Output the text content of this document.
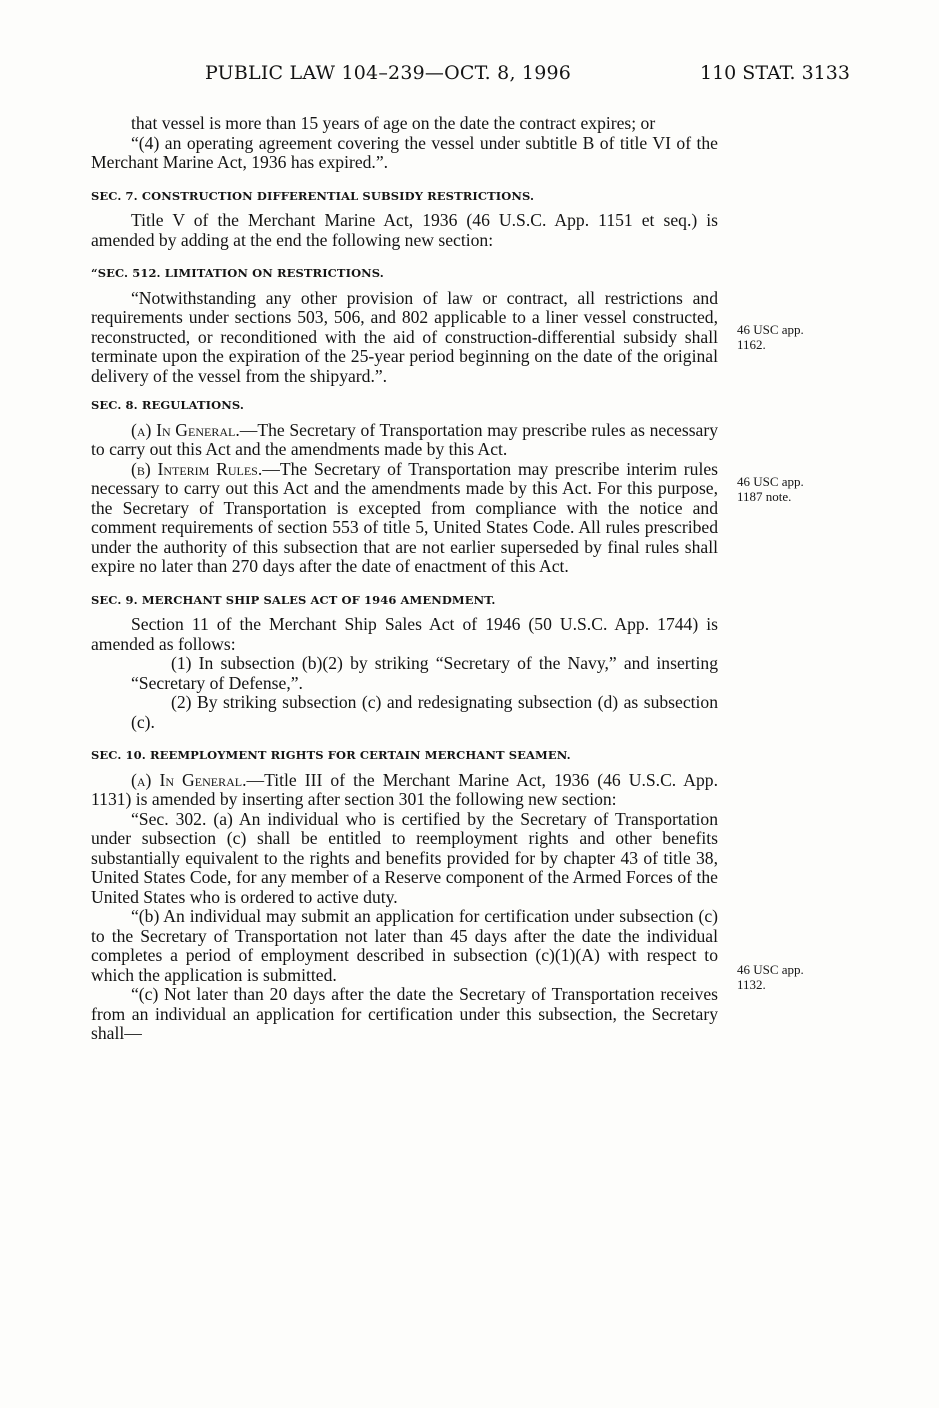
PUBLIC LAW 104–239—OCT. 8, 1996	110 STAT. 3133

that vessel is more than 15 years of age on the date the contract expires; or

“(4) an operating agreement covering the vessel under subtitle B of title VI of the Merchant Marine Act, 1936 has expired.”.

SEC. 7. CONSTRUCTION DIFFERENTIAL SUBSIDY RESTRICTIONS.

Title V of the Merchant Marine Act, 1936 (46 U.S.C. App. 1151 et seq.) is amended by adding at the end the following new section:

“SEC. 512. LIMITATION ON RESTRICTIONS.

“Notwithstanding any other provision of law or contract, all restrictions and requirements under sections 503, 506, and 802 applicable to a liner vessel constructed, reconstructed, or reconditioned with the aid of construction-differential subsidy shall terminate upon the expiration of the 25-year period beginning on the date of the original delivery of the vessel from the shipyard.”.

SEC. 8. REGULATIONS.

(a) In General.—The Secretary of Transportation may prescribe rules as necessary to carry out this Act and the amendments made by this Act.

(b) Interim Rules.—The Secretary of Transportation may prescribe interim rules necessary to carry out this Act and the amendments made by this Act. For this purpose, the Secretary of Transportation is excepted from compliance with the notice and comment requirements of section 553 of title 5, United States Code. All rules prescribed under the authority of this subsection that are not earlier superseded by final rules shall expire no later than 270 days after the date of enactment of this Act.

SEC. 9. MERCHANT SHIP SALES ACT OF 1946 AMENDMENT.

Section 11 of the Merchant Ship Sales Act of 1946 (50 U.S.C. App. 1744) is amended as follows:

(1) In subsection (b)(2) by striking “Secretary of the Navy,” and inserting “Secretary of Defense,”.

(2) By striking subsection (c) and redesignating subsection (d) as subsection (c).

SEC. 10. REEMPLOYMENT RIGHTS FOR CERTAIN MERCHANT SEAMEN.

(a) In General.—Title III of the Merchant Marine Act, 1936 (46 U.S.C. App. 1131) is amended by inserting after section 301 the following new section:

“Sec. 302. (a) An individual who is certified by the Secretary of Transportation under subsection (c) shall be entitled to reemployment rights and other benefits substantially equivalent to the rights and benefits provided for by chapter 43 of title 38, United States Code, for any member of a Reserve component of the Armed Forces of the United States who is ordered to active duty.

“(b) An individual may submit an application for certification under subsection (c) to the Secretary of Transportation not later than 45 days after the date the individual completes a period of employment described in subsection (c)(1)(A) with respect to which the application is submitted.

“(c) Not later than 20 days after the date the Secretary of Transportation receives from an individual an application for certification under this subsection, the Secretary shall—

46 USC app.
1162.
46 USC app.
1187 note.
46 USC app.
1132.
